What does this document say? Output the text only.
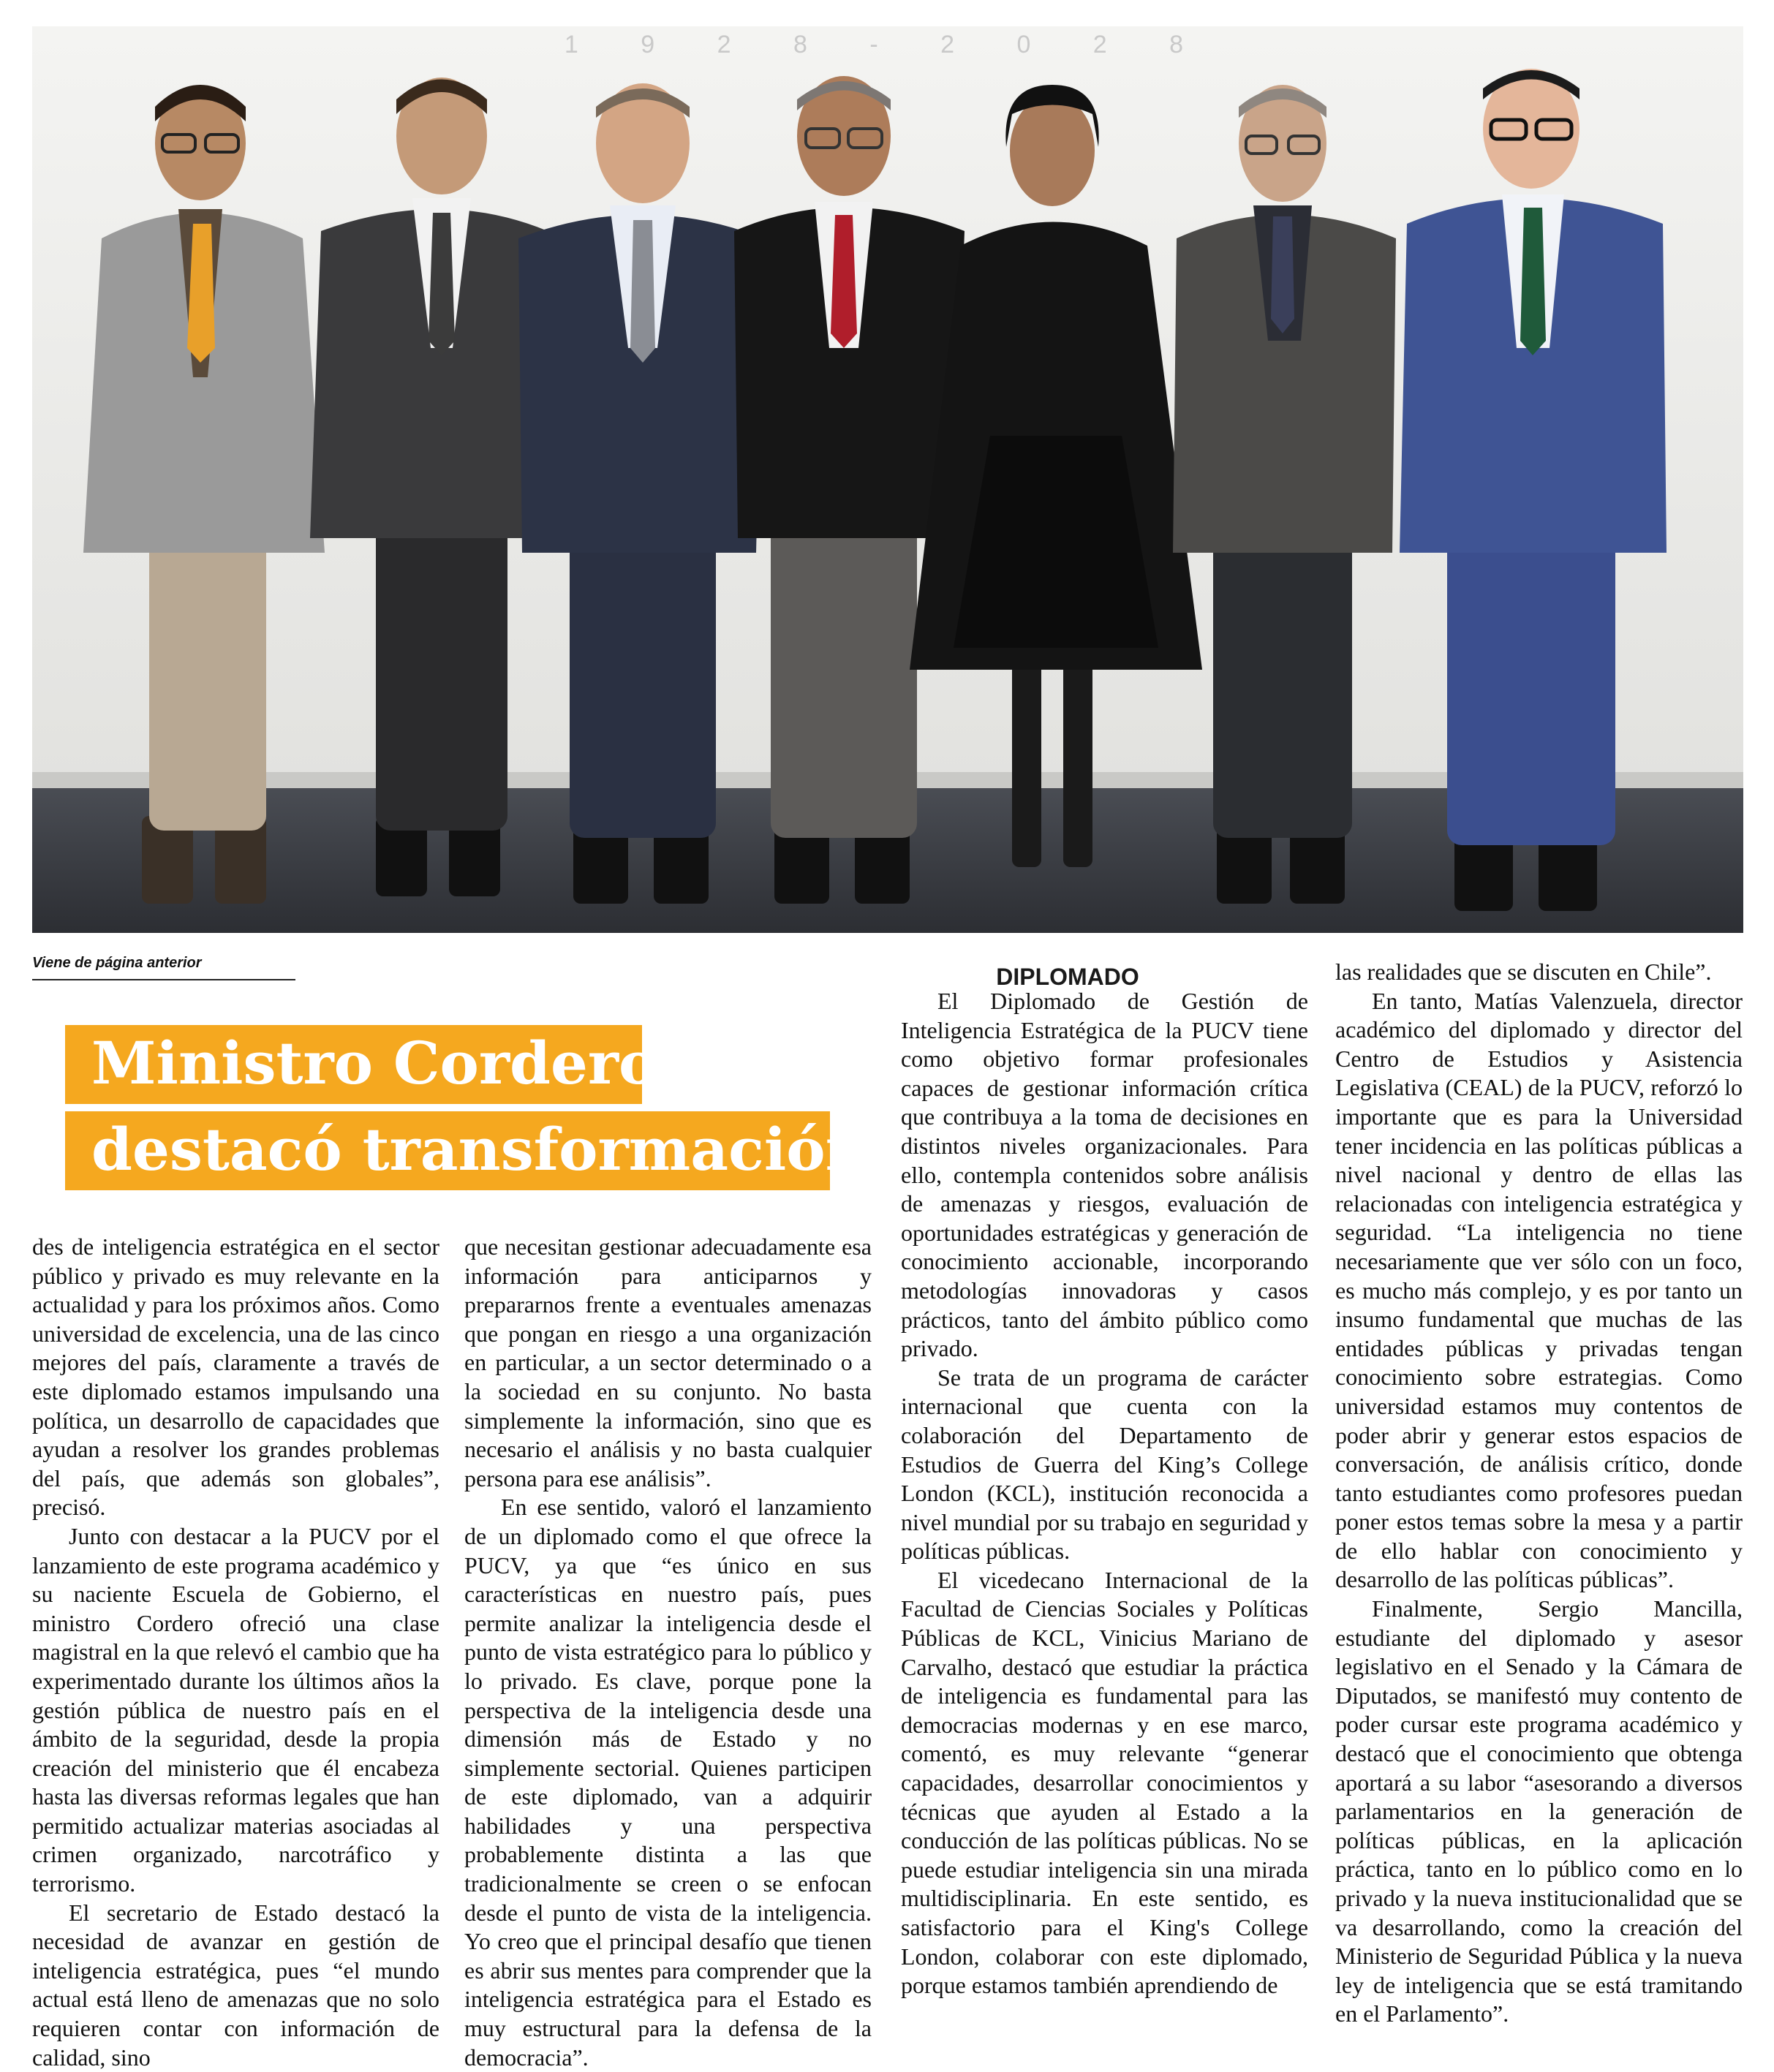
1 9 2 8 - 2 0 2 8
Viene de página anterior
Ministro Cordero
destacó transformación ...
DIPLOMADO

des de inteligencia estratégica en el sector público y privado es muy relevante en la actualidad y para los próximos años. Como universidad de excelencia, una de las cinco mejores del país, claramente a través de este diplomado estamos impulsando una política, un desarrollo de capacidades que ayudan a resolver los grandes problemas del país, que además son globales”, precisó.

Junto con destacar a la PUCV por el lanzamiento de este programa académico y su naciente Escuela de Gobierno, el ministro Cordero ofreció una clase magistral en la que relevó el cambio que ha experimentado durante los últimos años la gestión pública de nuestro país en el ámbito de la seguridad, desde la propia creación del ministerio que él encabeza hasta las diversas reformas legales que han permitido actualizar materias asociadas al crimen organizado, narcotráfico y terrorismo.

El secretario de Estado destacó la necesidad de avanzar en gestión de inteligencia estratégica, pues “el mundo actual está lleno de amenazas que no solo requieren contar con información de calidad, sino

que necesitan gestionar adecuadamente esa información para anticiparnos y prepararnos frente a eventuales amenazas que pongan en riesgo a una organización en particular, a un sector determinado o a la sociedad en su conjunto. No basta simplemente la información, sino que es necesario el análisis y no basta cualquier persona para ese análisis”.

En ese sentido, valoró el lanzamiento de un diplomado como el que ofrece la PUCV, ya que “es único en sus características en nuestro país, pues permite analizar la inteligencia desde el punto de vista estratégico para lo público y lo privado. Es clave, porque pone la perspectiva de la inteligencia desde una dimensión más de Estado y no simplemente sectorial. Quienes participen de este diplomado, van a adquirir habilidades y una perspectiva probablemente distinta a las que tradicionalmente se creen o se enfocan desde el punto de vista de la inteligencia. Yo creo que el principal desafío que tienen es abrir sus mentes para comprender que la inteligencia estratégica para el Estado es muy estructural para la defensa de la democracia”.

El Diplomado de Gestión de Inteligencia Estratégica de la PUCV tiene como objetivo formar profesionales capaces de gestionar información crítica que contribuya a la toma de decisiones en distintos niveles organizacionales. Para ello, contempla contenidos sobre análisis de amenazas y riesgos, evaluación de oportunidades estratégicas y generación de conocimiento accionable, incorporando metodologías innovadoras y casos prácticos, tanto del ámbito público como privado.

Se trata de un programa de carácter internacional que cuenta con la colaboración del Departamento de Estudios de Guerra del King’s College London (KCL), institución reconocida a nivel mundial por su trabajo en seguridad y políticas públicas.

El vicedecano Internacional de la Facultad de Ciencias Sociales y Políticas Públicas de KCL, Vinicius Mariano de Carvalho, destacó que estudiar la práctica de inteligencia es fundamental para las democracias modernas y en ese marco, comentó, es muy relevante “generar capacidades, desarrollar conocimientos y técnicas que ayuden al Estado a la conducción de las políticas públicas. No se puede estudiar inteligencia sin una mirada multidisciplinaria. En este sentido, es satisfactorio para el King's College London, colaborar con este diplomado, porque estamos también aprendiendo de

las realidades que se discuten en Chile”.

En tanto, Matías Valenzuela, director académico del diplomado y director del Centro de Estudios y Asistencia Legislativa (CEAL) de la PUCV, reforzó lo importante que es para la Universidad tener incidencia en las políticas públicas a nivel nacional y dentro de ellas las relacionadas con inteligencia estratégica y seguridad. “La inteligencia no tiene necesariamente que ver sólo con un foco, es mucho más complejo, y es por tanto un insumo fundamental que muchas de las entidades públicas y privadas tengan conocimiento sobre estrategias. Como universidad estamos muy contentos de poder abrir y generar estos espacios de conversación, de análisis crítico, donde tanto estudiantes como profesores puedan poner estos temas sobre la mesa y a partir de ello hablar con conocimiento y desarrollo de las políticas públicas”.

Finalmente, Sergio Mancilla, estudiante del diplomado y asesor legislativo en el Senado y la Cámara de Diputados, se manifestó muy contento de poder cursar este programa académico y destacó que el conocimiento que obtenga aportará a su labor “asesorando a diversos parlamentarios en la generación de políticas públicas, en la aplicación práctica, tanto en lo público como en lo privado y la nueva institucionalidad que se va desarrollando, como la creación del Ministerio de Seguridad Pública y la nueva ley de inteligencia que se está tramitando en el Parlamento”.
